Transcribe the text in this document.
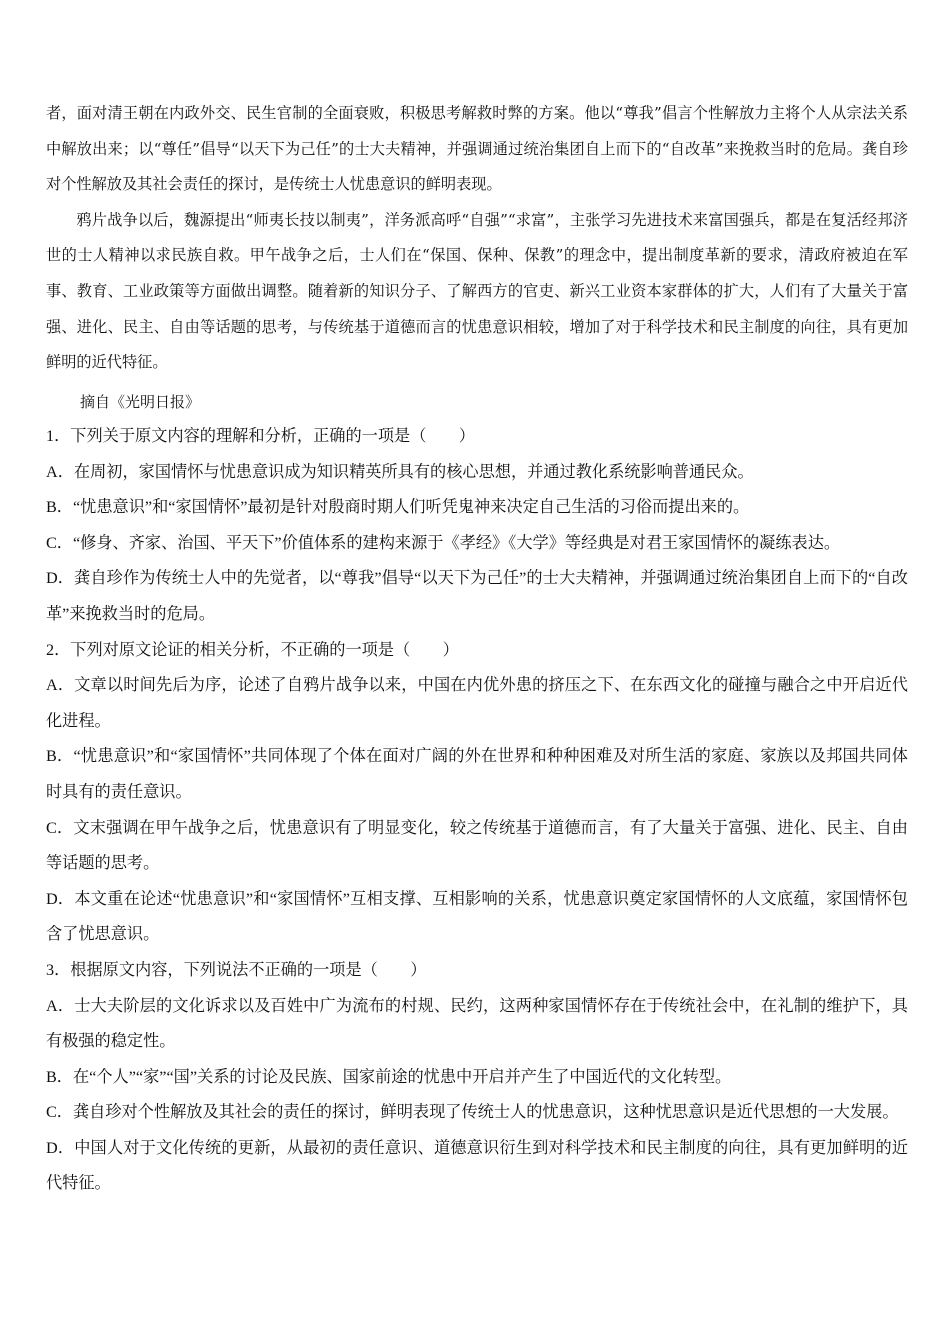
者，面对清王朝在内政外交、民生官制的全面衰败，积极思考解救时弊的方案。他以“尊我”倡言个性解放力主将个人从宗法关系中解放出来；以“尊任”倡导“以天下为己任”的士大夫精神，并强调通过统治集团自上而下的“自改革”来挽救当时的危局。龚自珍对个性解放及其社会责任的探讨，是传统士人忧患意识的鲜明表现。

鸦片战争以后，魏源提出“师夷长技以制夷”，洋务派高呼“自强”“求富”，主张学习先进技术来富国强兵，都是在复活经邦济世的士人精神以求民族自救。甲午战争之后，士人们在“保国、保种、保教”的理念中，提出制度革新的要求，清政府被迫在军事、教育、工业政策等方面做出调整。随着新的知识分子、了解西方的官吏、新兴工业资本家群体的扩大，人们有了大量关于富强、进化、民主、自由等话题的思考，与传统基于道德而言的忧患意识相较，增加了对于科学技术和民主制度的向往，具有更加鲜明的近代特征。

摘自《光明日报》

1．下列关于原文内容的理解和分析，正确的一项是（　　）

A．在周初，家国情怀与忧患意识成为知识精英所具有的核心思想，并通过教化系统影响普通民众。

B．“忧患意识”和“家国情怀”最初是针对殷商时期人们听凭鬼神来决定自己生活的习俗而提出来的。

C．“修身、齐家、治国、平天下”价值体系的建构来源于《孝经》《大学》等经典是对君王家国情怀的凝练表达。

D．龚自珍作为传统士人中的先觉者，以“尊我”倡导“以天下为己任”的士大夫精神，并强调通过统治集团自上而下的“自改革”来挽救当时的危局。

2．下列对原文论证的相关分析，不正确的一项是（　　）

A．文章以时间先后为序，论述了自鸦片战争以来，中国在内优外患的挤压之下、在东西文化的碰撞与融合之中开启近代化进程。

B．“忧患意识”和“家国情怀”共同体现了个体在面对广阔的外在世界和种种困难及对所生活的家庭、家族以及邦国共同体时具有的责任意识。

C．文末强调在甲午战争之后，忧患意识有了明显变化，较之传统基于道德而言，有了大量关于富强、进化、民主、自由等话题的思考。

D．本文重在论述“忧患意识”和“家国情怀”互相支撑、互相影响的关系，忧患意识奠定家国情怀的人文底蕴，家国情怀包含了忧思意识。

3．根据原文内容，下列说法不正确的一项是（　　）

A．士大夫阶层的文化诉求以及百姓中广为流布的村规、民约，这两种家国情怀存在于传统社会中，在礼制的维护下，具有极强的稳定性。

B．在“个人”“家”“国”关系的讨论及民族、国家前途的忧患中开启并产生了中国近代的文化转型。

C．龚自珍对个性解放及其社会的责任的探讨，鲜明表现了传统士人的忧患意识，这种忧思意识是近代思想的一大发展。

D．中国人对于文化传统的更新，从最初的责任意识、道德意识衍生到对科学技术和民主制度的向往，具有更加鲜明的近代特征。
